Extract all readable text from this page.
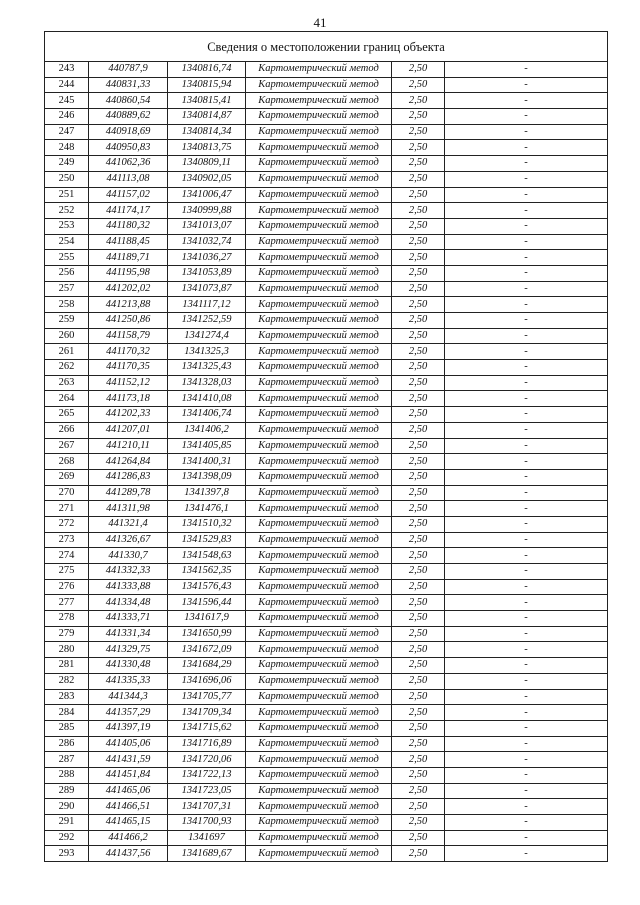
41
Сведения о местоположении границ объекта					
243	440787,9	1340816,74	Картометрический метод	2,50	-
244	440831,33	1340815,94	Картометрический метод	2,50	-
245	440860,54	1340815,41	Картометрический метод	2,50	-
246	440889,62	1340814,87	Картометрический метод	2,50	-
247	440918,69	1340814,34	Картометрический метод	2,50	-
248	440950,83	1340813,75	Картометрический метод	2,50	-
249	441062,36	1340809,11	Картометрический метод	2,50	-
250	441113,08	1340902,05	Картометрический метод	2,50	-
251	441157,02	1341006,47	Картометрический метод	2,50	-
252	441174,17	1340999,88	Картометрический метод	2,50	-
253	441180,32	1341013,07	Картометрический метод	2,50	-
254	441188,45	1341032,74	Картометрический метод	2,50	-
255	441189,71	1341036,27	Картометрический метод	2,50	-
256	441195,98	1341053,89	Картометрический метод	2,50	-
257	441202,02	1341073,87	Картометрический метод	2,50	-
258	441213,88	1341117,12	Картометрический метод	2,50	-
259	441250,86	1341252,59	Картометрический метод	2,50	-
260	441158,79	1341274,4	Картометрический метод	2,50	-
261	441170,32	1341325,3	Картометрический метод	2,50	-
262	441170,35	1341325,43	Картометрический метод	2,50	-
263	441152,12	1341328,03	Картометрический метод	2,50	-
264	441173,18	1341410,08	Картометрический метод	2,50	-
265	441202,33	1341406,74	Картометрический метод	2,50	-
266	441207,01	1341406,2	Картометрический метод	2,50	-
267	441210,11	1341405,85	Картометрический метод	2,50	-
268	441264,84	1341400,31	Картометрический метод	2,50	-
269	441286,83	1341398,09	Картометрический метод	2,50	-
270	441289,78	1341397,8	Картометрический метод	2,50	-
271	441311,98	1341476,1	Картометрический метод	2,50	-
272	441321,4	1341510,32	Картометрический метод	2,50	-
273	441326,67	1341529,83	Картометрический метод	2,50	-
274	441330,7	1341548,63	Картометрический метод	2,50	-
275	441332,33	1341562,35	Картометрический метод	2,50	-
276	441333,88	1341576,43	Картометрический метод	2,50	-
277	441334,48	1341596,44	Картометрический метод	2,50	-
278	441333,71	1341617,9	Картометрический метод	2,50	-
279	441331,34	1341650,99	Картометрический метод	2,50	-
280	441329,75	1341672,09	Картометрический метод	2,50	-
281	441330,48	1341684,29	Картометрический метод	2,50	-
282	441335,33	1341696,06	Картометрический метод	2,50	-
283	441344,3	1341705,77	Картометрический метод	2,50	-
284	441357,29	1341709,34	Картометрический метод	2,50	-
285	441397,19	1341715,62	Картометрический метод	2,50	-
286	441405,06	1341716,89	Картометрический метод	2,50	-
287	441431,59	1341720,06	Картометрический метод	2,50	-
288	441451,84	1341722,13	Картометрический метод	2,50	-
289	441465,06	1341723,05	Картометрический метод	2,50	-
290	441466,51	1341707,31	Картометрический метод	2,50	-
291	441465,15	1341700,93	Картометрический метод	2,50	-
292	441466,2	1341697	Картометрический метод	2,50	-
293	441437,56	1341689,67	Картометрический метод	2,50	-
